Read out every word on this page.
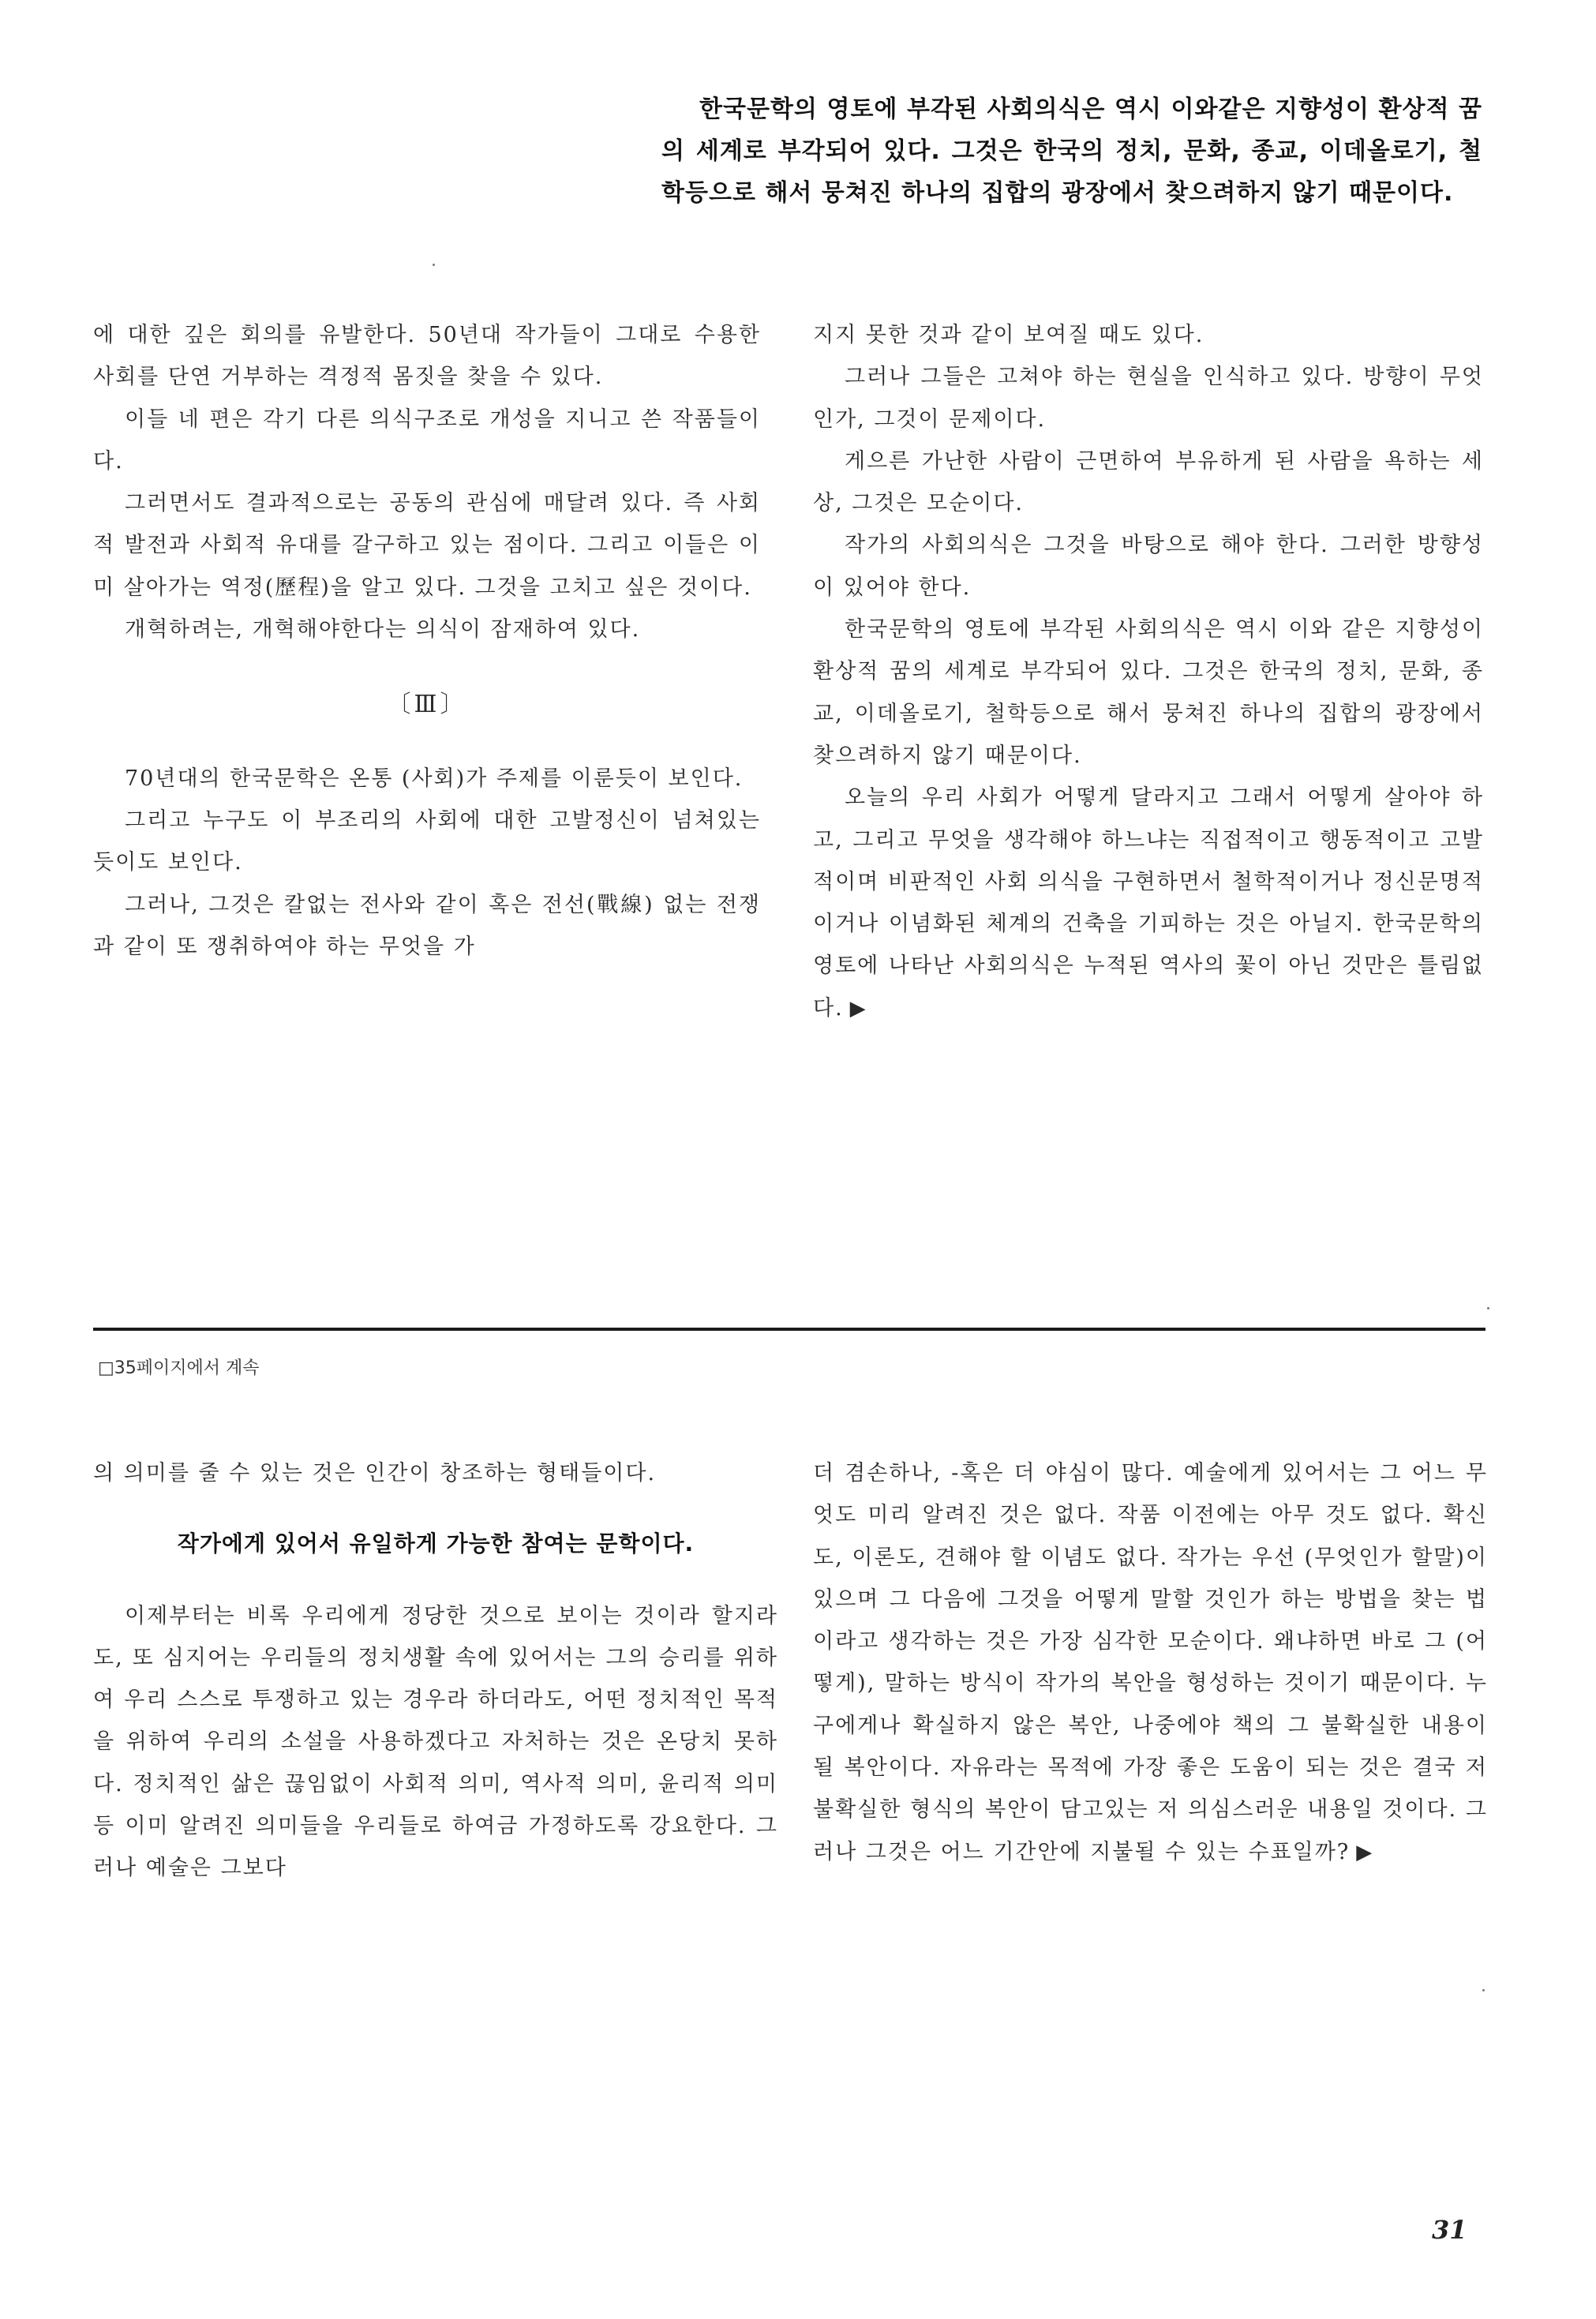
한국문학의 영토에 부각된 사회의식은 역시 이와같은 지향성이 환상적 꿈의 세계로 부각되어 있다. 그것은 한국의 정치, 문화, 종교, 이데올로기, 철학등으로 해서 뭉쳐진 하나의 집합의 광장에서 찾으려하지 않기 때문이다.

에 대한 깊은 회의를 유발한다. 50년대 작가들이 그대로 수용한 사회를 단연 거부하는 격정적 몸짓을 찾을 수 있다.

이들 네 편은 각기 다른 의식구조로 개성을 지니고 쓴 작품들이다.

그러면서도 결과적으로는 공동의 관심에 매달려 있다. 즉 사회적 발전과 사회적 유대를 갈구하고 있는 점이다. 그리고 이들은 이미 살아가는 역정(歷程)을 알고 있다. 그것을 고치고 싶은 것이다.

개혁하려는, 개혁해야한다는 의식이 잠재하여 있다.

〔Ⅲ〕

70년대의 한국문학은 온통 (사회)가 주제를 이룬듯이 보인다.

그리고 누구도 이 부조리의 사회에 대한 고발정신이 넘쳐있는 듯이도 보인다.

그러나, 그것은 칼없는 전사와 같이 혹은 전선(戰線) 없는 전쟁과 같이 또 쟁취하여야 하는 무엇을 가

지지 못한 것과 같이 보여질 때도 있다.

그러나 그들은 고쳐야 하는 현실을 인식하고 있다. 방향이 무엇인가, 그것이 문제이다.

게으른 가난한 사람이 근면하여 부유하게 된 사람을 욕하는 세상, 그것은 모순이다.

작가의 사회의식은 그것을 바탕으로 해야 한다. 그러한 방향성이 있어야 한다.

한국문학의 영토에 부각된 사회의식은 역시 이와 같은 지향성이 환상적 꿈의 세계로 부각되어 있다. 그것은 한국의 정치, 문화, 종교, 이데올로기, 철학등으로 해서 뭉쳐진 하나의 집합의 광장에서 찾으려하지 않기 때문이다.

오늘의 우리 사회가 어떻게 달라지고 그래서 어떻게 살아야 하고, 그리고 무엇을 생각해야 하느냐는 직접적이고 행동적이고 고발적이며 비판적인 사회 의식을 구현하면서 철학적이거나 정신문명적이거나 이념화된 체계의 건축을 기피하는 것은 아닐지. 한국문학의 영토에 나타난 사회의식은 누적된 역사의 꽃이 아닌 것만은 틀림없다. ▶

□35페이지에서 계속

의 의미를 줄 수 있는 것은 인간이 창조하는 형태들이다.

작가에게 있어서 유일하게 가능한 참여는 문학이다.

이제부터는 비록 우리에게 정당한 것으로 보이는 것이라 할지라도, 또 심지어는 우리들의 정치생활 속에 있어서는 그의 승리를 위하여 우리 스스로 투쟁하고 있는 경우라 하더라도, 어떤 정치적인 목적을 위하여 우리의 소설을 사용하겠다고 자처하는 것은 온당치 못하다. 정치적인 삶은 끊임없이 사회적 의미, 역사적 의미, 윤리적 의미등 이미 알려진 의미들을 우리들로 하여금 가정하도록 강요한다. 그러나 예술은 그보다

더 겸손하나, -혹은 더 야심이 많다. 예술에게 있어서는 그 어느 무엇도 미리 알려진 것은 없다. 작품 이전에는 아무 것도 없다. 확신도, 이론도, 견해야 할 이념도 없다. 작가는 우선 (무엇인가 할말)이 있으며 그 다음에 그것을 어떻게 말할 것인가 하는 방법을 찾는 법이라고 생각하는 것은 가장 심각한 모순이다. 왜냐하면 바로 그 (어떻게), 말하는 방식이 작가의 복안을 형성하는 것이기 때문이다. 누구에게나 확실하지 않은 복안, 나중에야 책의 그 불확실한 내용이 될 복안이다. 자유라는 목적에 가장 좋은 도움이 되는 것은 결국 저 불확실한 형식의 복안이 담고있는 저 의심스러운 내용일 것이다. 그러나 그것은 어느 기간안에 지불될 수 있는 수표일까? ▶

31
